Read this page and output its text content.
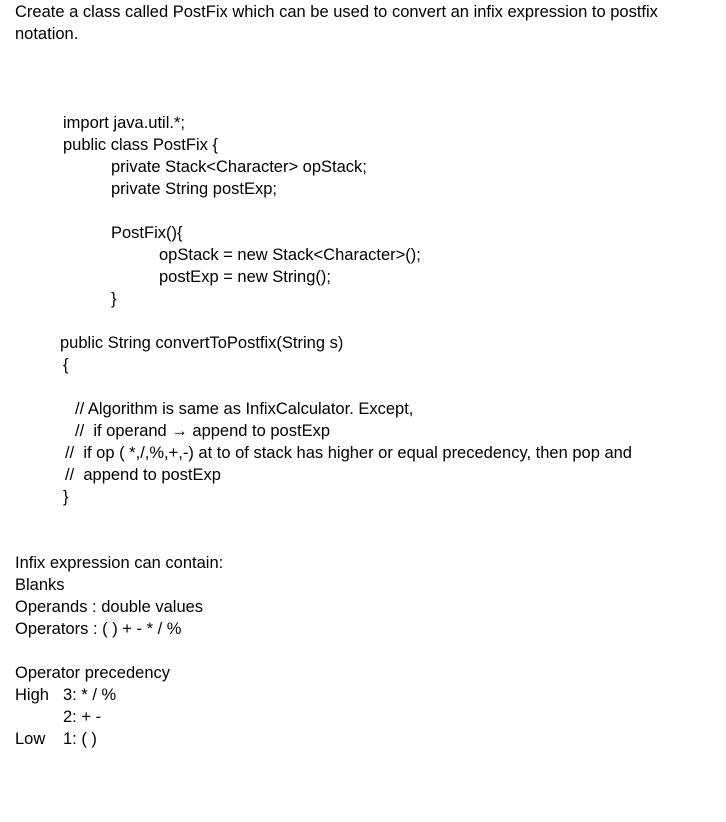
Create a class called PostFix which can be used to convert an infix expression to postfix notation.
import java.util.*;
public class PostFix {
private Stack<Character> opStack;
private String postExp;
PostFix(){
opStack = new Stack<Character>();
postExp = new String();
}
public String convertToPostfix(String s)
{
// Algorithm is same as InfixCalculator. Except,
//  if operand → append to postExp
//  if op ( *,/,%,+,-) at to of stack has higher or equal precedency, then pop and
//  append to postExp
}
Infix expression can contain:
Blanks
Operands : double values
Operators : ( ) + - * / %
Operator precedency
High 3: * / %
2: + -
Low 1: ( )
